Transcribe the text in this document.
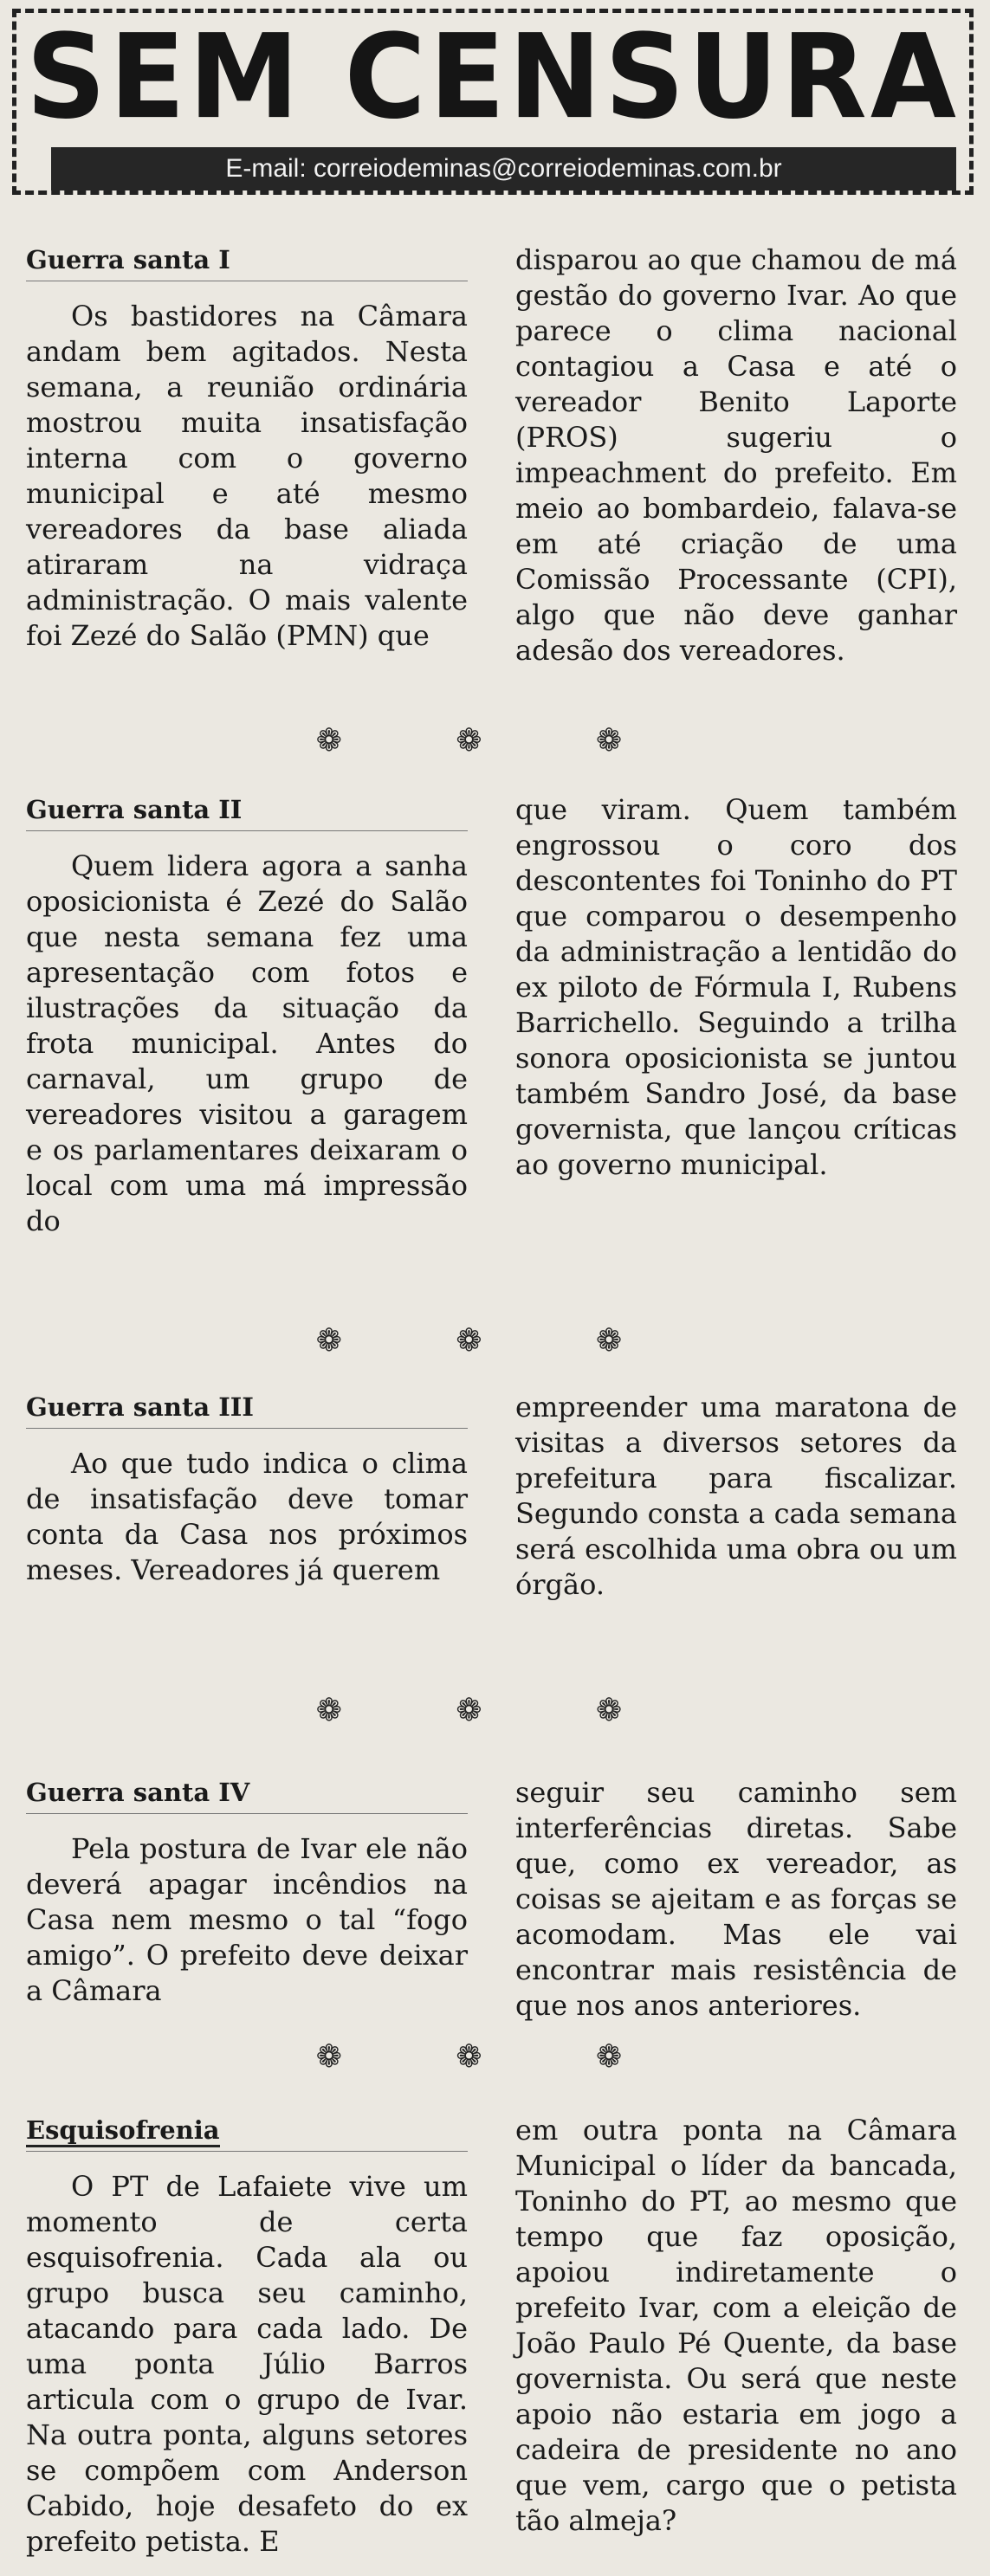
SEM CENSURA
E-mail: correiodeminas@correiodeminas.com.br
Guerra santa I

Os bastidores na Câmara andam bem agitados. Nesta semana, a reunião ordinária mostrou muita insatisfação interna com o governo municipal e até mesmo vereadores da base aliada atiraram na vidraça administração. O mais valente foi Zezé do Salão (PMN) que

disparou ao que chamou de má gestão do governo Ivar. Ao que parece o clima nacional contagiou a Casa e até o vereador Benito Laporte (PROS) sugeriu o impeachment do prefeito. Em meio ao bombardeio, falava-se em até criação de uma Comissão Processante (CPI), algo que não deve ganhar adesão dos vereadores.

❁ ❁ ❁
Guerra santa II

Quem lidera agora a sanha oposicionista é Zezé do Salão que nesta semana fez uma apresentação com fotos e ilustrações da situação da frota municipal. Antes do carnaval, um grupo de vereadores visitou a garagem e os parlamentares deixaram o local com uma má impressão do

que viram. Quem também engrossou o coro dos descontentes foi Toninho do PT que comparou o desempenho da administração a lentidão do ex piloto de Fórmula I, Rubens Barrichello. Seguindo a trilha sonora oposicionista se juntou também Sandro José, da base governista, que lançou críticas ao governo municipal.

❁ ❁ ❁
Guerra santa III

Ao que tudo indica o clima de insatisfação deve tomar conta da Casa nos próximos meses. Vereadores já querem

empreender uma maratona de visitas a diversos setores da prefeitura para fiscalizar. Segundo consta a cada semana será escolhida uma obra ou um órgão.

❁ ❁ ❁
Guerra santa IV

Pela postura de Ivar ele não deverá apagar incêndios na Casa nem mesmo o tal “fogo amigo”. O prefeito deve deixar a Câmara

seguir seu caminho sem interferências diretas. Sabe que, como ex vereador, as coisas se ajeitam e as forças se acomodam. Mas ele vai encontrar mais resistência de que nos anos anteriores.

❁ ❁ ❁
Esquisofrenia

O PT de Lafaiete vive um momento de certa esquisofrenia. Cada ala ou grupo busca seu caminho, atacando para cada lado. De uma ponta Júlio Barros articula com o grupo de Ivar. Na outra ponta, alguns setores se compõem com Anderson Cabido, hoje desafeto do ex prefeito petista. E

em outra ponta na Câmara Municipal o líder da bancada, Toninho do PT, ao mesmo que tempo que faz oposição, apoiou indiretamente o prefeito Ivar, com a eleição de João Paulo Pé Quente, da base governista. Ou será que neste apoio não estaria em jogo a cadeira de presidente no ano que vem, cargo que o petista tão almeja?
